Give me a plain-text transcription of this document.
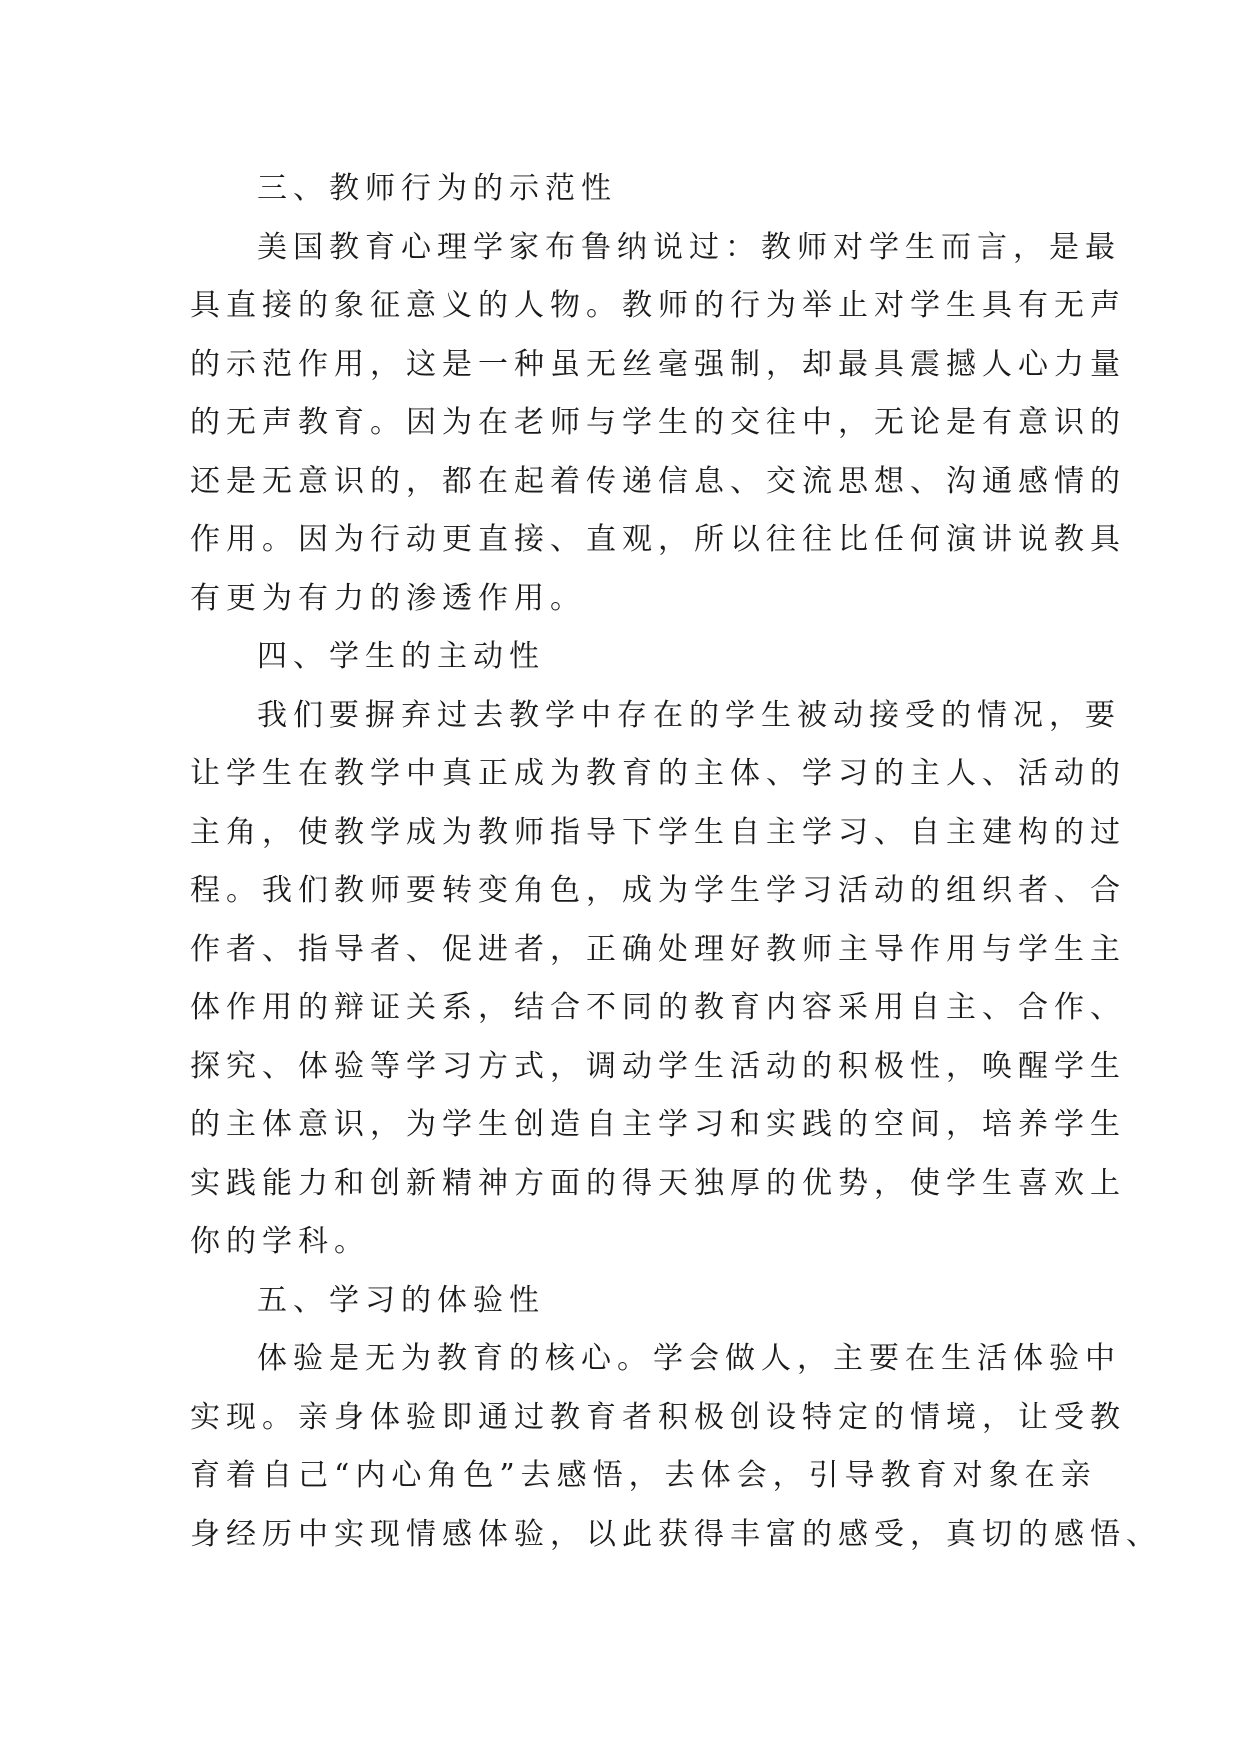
三、教师行为的示范性
美国教育心理学家布鲁纳说过：教师对学生而言，是最
具直接的象征意义的人物。教师的行为举止对学生具有无声
的示范作用，这是一种虽无丝毫强制，却最具震撼人心力量
的无声教育。因为在老师与学生的交往中，无论是有意识的
还是无意识的，都在起着传递信息、交流思想、沟通感情的
作用。因为行动更直接、直观，所以往往比任何演讲说教具
有更为有力的渗透作用。
四、学生的主动性
我们要摒弃过去教学中存在的学生被动接受的情况，要
让学生在教学中真正成为教育的主体、学习的主人、活动的
主角，使教学成为教师指导下学生自主学习、自主建构的过
程。我们教师要转变角色，成为学生学习活动的组织者、合
作者、指导者、促进者，正确处理好教师主导作用与学生主
体作用的辩证关系，结合不同的教育内容采用自主、合作、
探究、体验等学习方式，调动学生活动的积极性，唤醒学生
的主体意识，为学生创造自主学习和实践的空间，培养学生
实践能力和创新精神方面的得天独厚的优势，使学生喜欢上
你的学科。
五、学习的体验性
体验是无为教育的核心。学会做人，主要在生活体验中
实现。亲身体验即通过教育者积极创设特定的情境，让受教
育着自己“内心角色”去感悟，去体会，引导教育对象在亲
身经历中实现情感体验，以此获得丰富的感受，真切的感悟、
